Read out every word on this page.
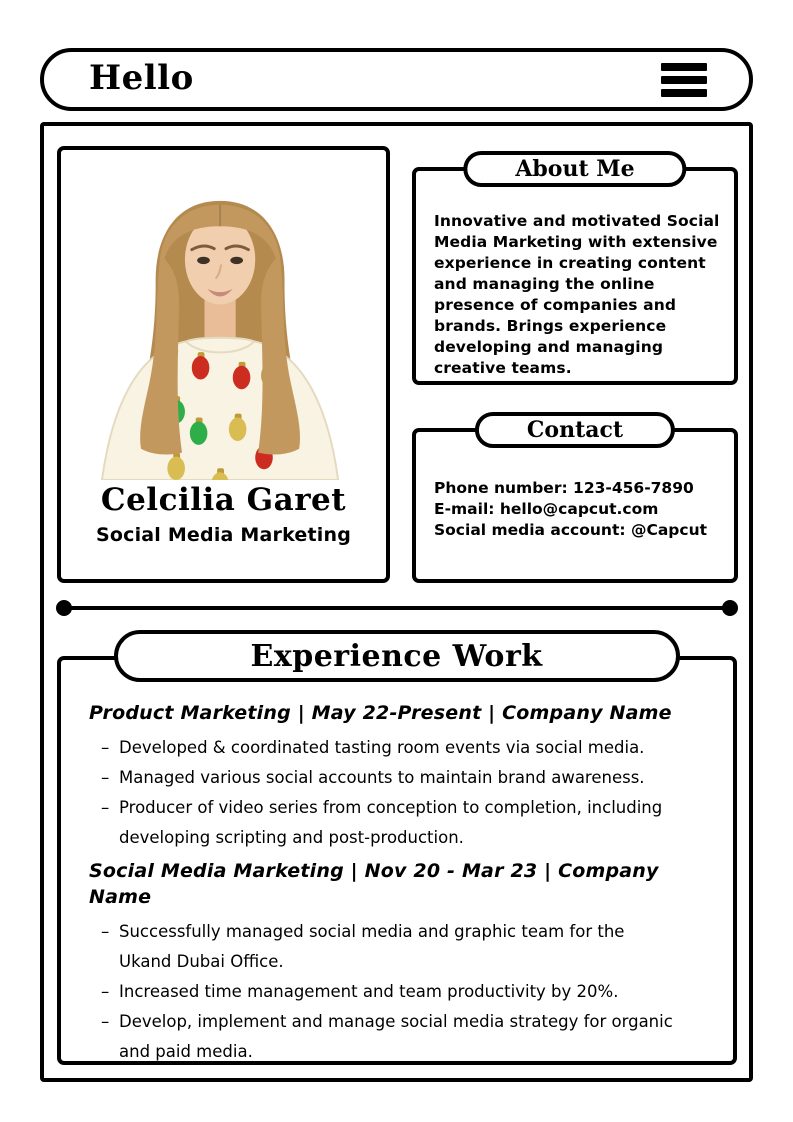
Hello
Celcilia Garet
Social Media Marketing
About Me
Innovative and motivated Social Media Marketing with extensive experience in creating content and managing the online presence of companies and brands. Brings experience developing and managing creative teams.
Contact
Phone number: 123-456-7890
E-mail: hello@capcut.com
Social media account: @Capcut
Experience Work
Product Marketing | May 22-Present | Company Name
– Developed & coordinated tasting room events via social media.
– Managed various social accounts to maintain brand awareness.
– Producer of video series from conception to completion, including developing scripting and post-production.
Social Media Marketing | Nov 20 - Mar 23 | Company Name
– Successfully managed social media and graphic team for the Ukand Dubai Office.
– Increased time management and team productivity by 20%.
– Develop, implement and manage social media strategy for organic and paid media.
